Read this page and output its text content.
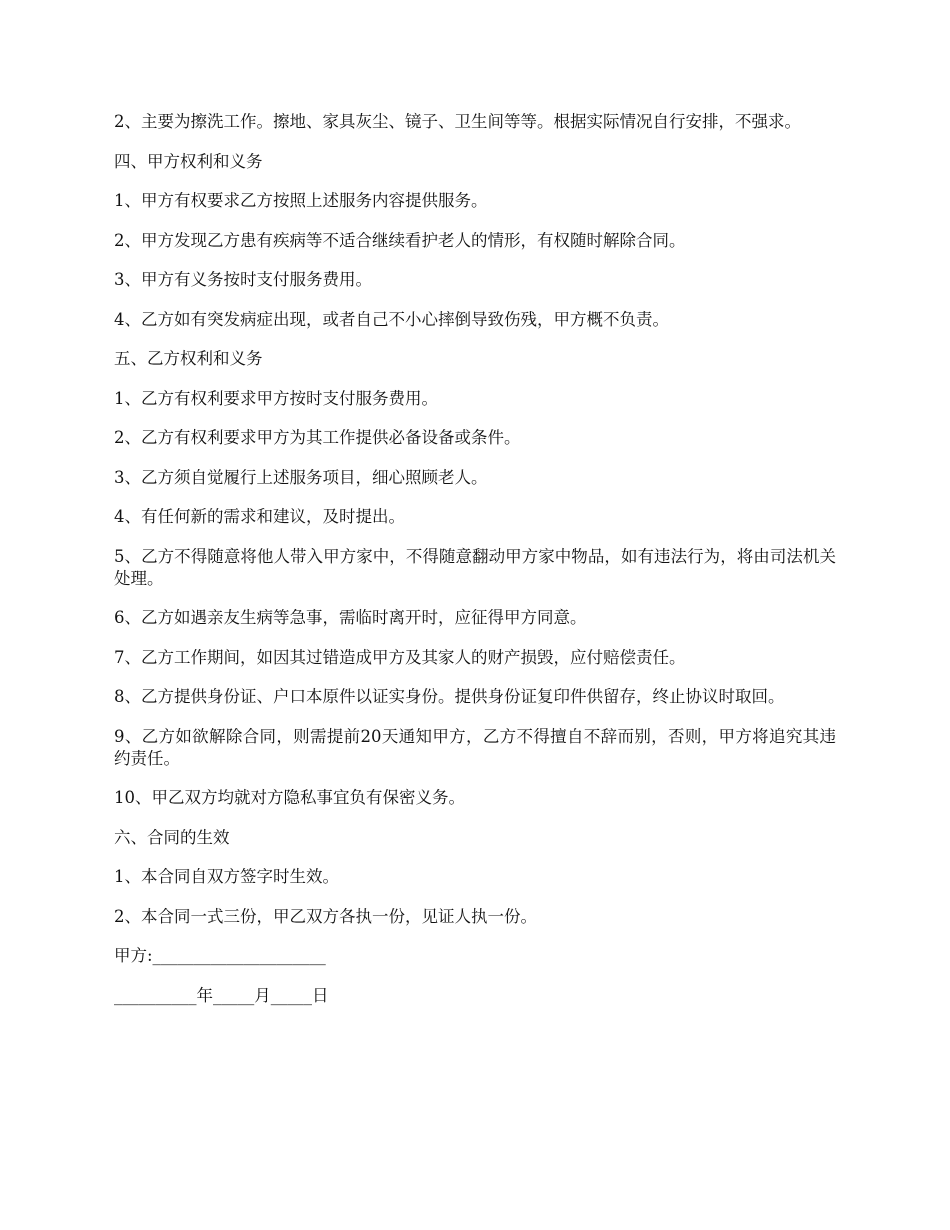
2、主要为擦洗工作。擦地、家具灰尘、镜子、卫生间等等。根据实际情况自行安排，不强求。

四、甲方权利和义务

1、甲方有权要求乙方按照上述服务内容提供服务。

2、甲方发现乙方患有疾病等不适合继续看护老人的情形，有权随时解除合同。

3、甲方有义务按时支付服务费用。

4、乙方如有突发病症出现，或者自己不小心摔倒导致伤残，甲方概不负责。

五、乙方权利和义务

1、乙方有权利要求甲方按时支付服务费用。

2、乙方有权利要求甲方为其工作提供必备设备或条件。

3、乙方须自觉履行上述服务项目，细心照顾老人。

4、有任何新的需求和建议，及时提出。

5、乙方不得随意将他人带入甲方家中，不得随意翻动甲方家中物品，如有违法行为，将由司法机关处理。

6、乙方如遇亲友生病等急事，需临时离开时，应征得甲方同意。

7、乙方工作期间，如因其过错造成甲方及其家人的财产损毁，应付赔偿责任。

8、乙方提供身份证、户口本原件以证实身份。提供身份证复印件供留存，终止协议时取回。

9、乙方如欲解除合同，则需提前20天通知甲方，乙方不得擅自不辞而别，否则，甲方将追究其违约责任。

10、甲乙双方均就对方隐私事宜负有保密义务。

六、合同的生效

1、本合同自双方签字时生效。

2、本合同一式三份，甲乙双方各执一份，见证人执一份。

甲方:_____________________

__________年_____月_____日
